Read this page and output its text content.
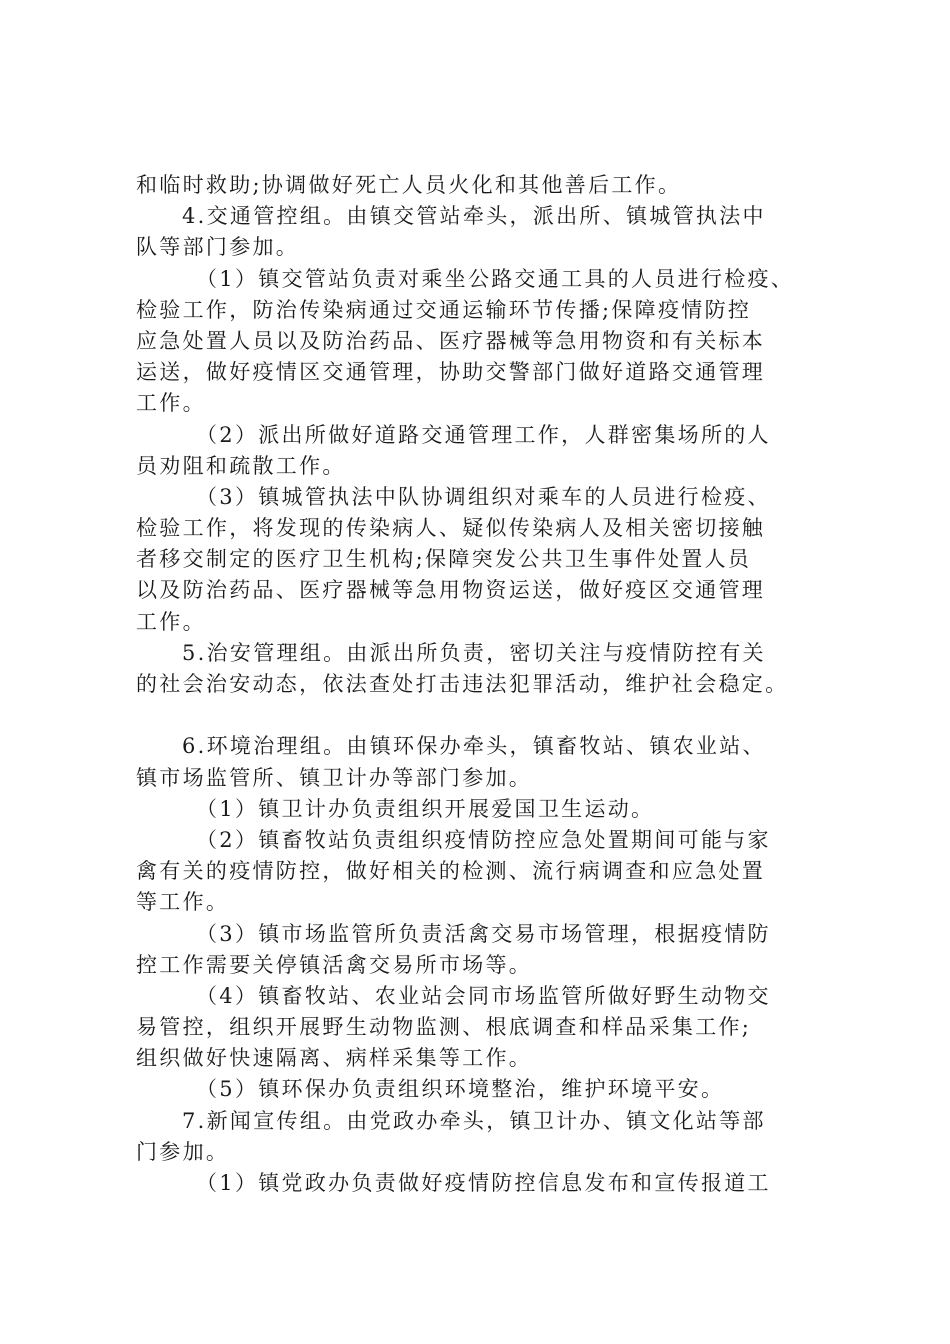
和临时救助;协调做好死亡人员火化和其他善后工作。
4.交通管控组。由镇交管站牵头，派出所、镇城管执法中
队等部门参加。
（1）镇交管站负责对乘坐公路交通工具的人员进行检疫、
检验工作，防治传染病通过交通运输环节传播;保障疫情防控
应急处置人员以及防治药品、医疗器械等急用物资和有关标本
运送，做好疫情区交通管理，协助交警部门做好道路交通管理
工作。
（2）派出所做好道路交通管理工作，人群密集场所的人
员劝阻和疏散工作。
（3）镇城管执法中队协调组织对乘车的人员进行检疫、
检验工作，将发现的传染病人、疑似传染病人及相关密切接触
者移交制定的医疗卫生机构;保障突发公共卫生事件处置人员
以及防治药品、医疗器械等急用物资运送，做好疫区交通管理
工作。
5.治安管理组。由派出所负责，密切关注与疫情防控有关
的社会治安动态，依法查处打击违法犯罪活动，维护社会稳定。
6.环境治理组。由镇环保办牵头，镇畜牧站、镇农业站、
镇市场监管所、镇卫计办等部门参加。
（1）镇卫计办负责组织开展爱国卫生运动。
（2）镇畜牧站负责组织疫情防控应急处置期间可能与家
禽有关的疫情防控，做好相关的检测、流行病调查和应急处置
等工作。
（3）镇市场监管所负责活禽交易市场管理，根据疫情防
控工作需要关停镇活禽交易所市场等。
（4）镇畜牧站、农业站会同市场监管所做好野生动物交
易管控，组织开展野生动物监测、根底调查和样品采集工作;
组织做好快速隔离、病样采集等工作。
（5）镇环保办负责组织环境整治，维护环境平安。
7.新闻宣传组。由党政办牵头，镇卫计办、镇文化站等部
门参加。
（1）镇党政办负责做好疫情防控信息发布和宣传报道工
